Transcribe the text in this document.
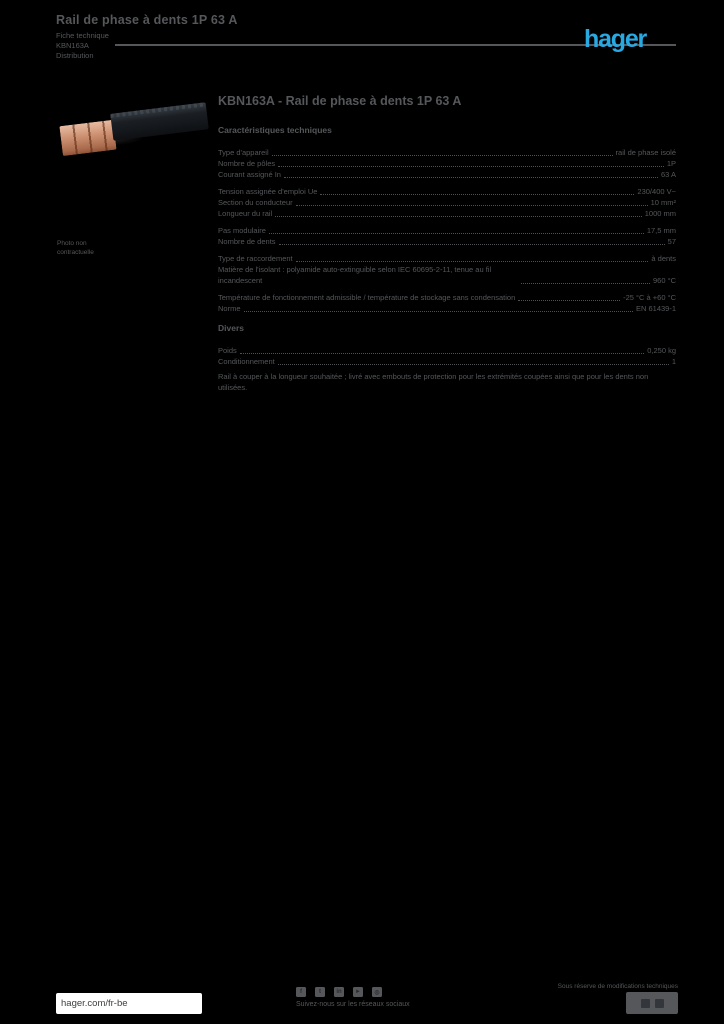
Rail de phase à dents 1P 63 A
Fiche technique
KBN163A
Distribution
hager
Photo non contractuelle
KBN163A - Rail de phase à dents 1P 63 A
Caractéristiques techniques
Type d'appareil	rail de phase isolé
Nombre de pôles	1P
Courant assigné In	63 A
Tension assignée d'emploi Ue	230/400 V~
Section du conducteur	10 mm²
Longueur du rail	1000 mm
Pas modulaire	17,5 mm
Nombre de dents	57
Type de raccordement	à dents
Matière de l'isolant : polyamide auto-extinguible selon IEC 60695-2-11, tenue au fil incandescent	960 °C
Température de fonctionnement admissible / température de stockage sans condensation	-25 °C à +60 °C
Norme	EN 61439-1
Divers
Poids	0,250 kg
Conditionnement	1
Rail à couper à la longueur souhaitée ; livré avec embouts de protection pour les extrémités coupées ainsi que pour les dents non utilisées.
hager.com/fr-be
f	t	in	►	◎
Suivez-nous sur les réseaux sociaux
Sous réserve de modifications techniques
